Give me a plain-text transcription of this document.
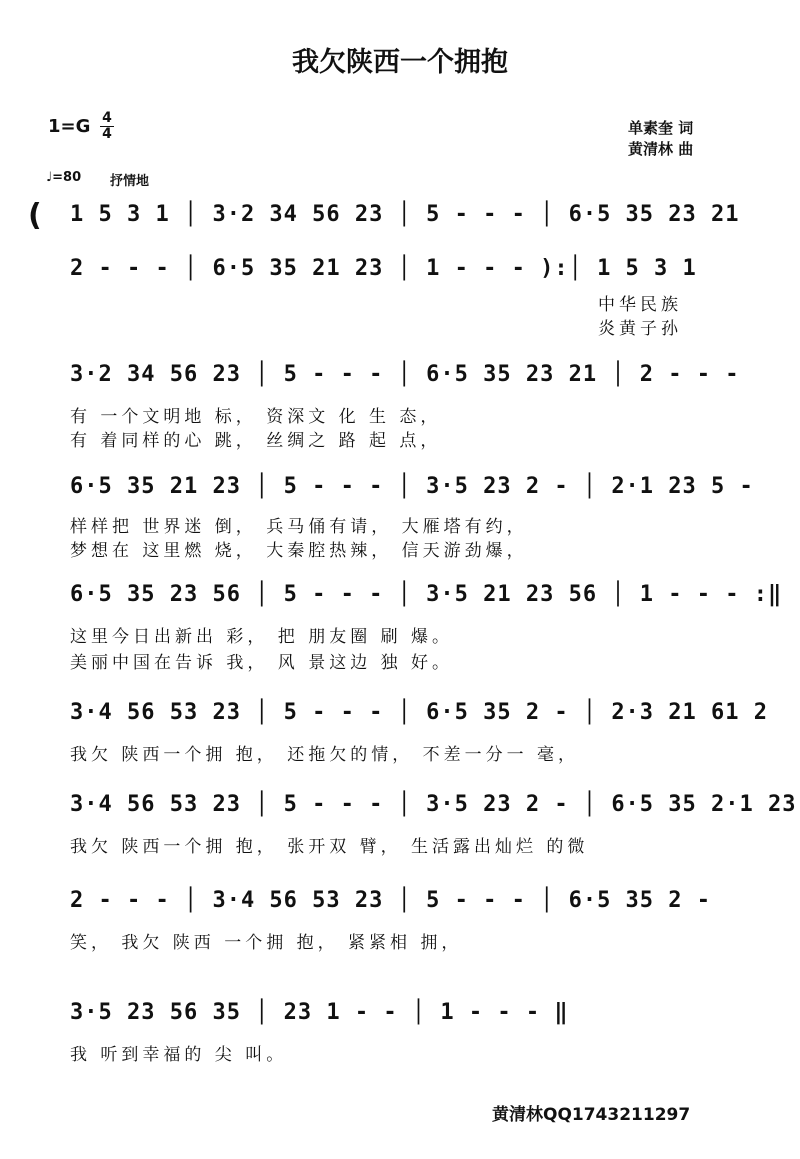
我欠陕西一个拥抱
1=G 4
4	单素奎 词
黄清林 曲
♩=80 抒情地
( 1 5 3 1 │ 3·2 34 56 23 │ 5 - - - │ 6·5 35 23 21
2 - - - │ 6·5 35 21 23 │ 1 - - - ):│ 1 5 3 1
中华民族
炎黄子孙
3·2 34 56 23 │ 5 - - - │ 6·5 35 23 21 │ 2 - - -
有 一个文明地 标， 资深文 化 生 态，
有 着同样的心 跳， 丝绸之 路 起 点，
6·5 35 21 23 │ 5 - - - │ 3·5 23 2 - │ 2·1 23 5 -
样样把 世界迷 倒， 兵马俑有请， 大雁塔有约，
梦想在 这里燃 烧， 大秦腔热辣， 信天游劲爆，
6·5 35 23 56 │ 5 - - - │ 3·5 21 23 56 │ 1 - - - :‖
这里今日出新出 彩， 把 朋友圈 刷 爆。
美丽中国在告诉 我， 风 景这边 独 好。
3·4 56 53 23 │ 5 - - - │ 6·5 35 2 - │ 2·3 21 61 2
我欠 陕西一个拥 抱， 还拖欠的情， 不差一分一 毫，
3·4 56 53 23 │ 5 - - - │ 3·5 23 2 - │ 6·5 35 2·1 23
我欠 陕西一个拥 抱， 张开双 臂， 生活露出灿烂 的微
2 - - - │ 3·4 56 53 23 │ 5 - - - │ 6·5 35 2 -
笑， 我欠 陕西 一个拥 抱， 紧紧相 拥，
3·5 23 56 35 │ 23 1 - - │ 1 - - - ‖
我 听到幸福的 尖 叫。
黄清林QQ1743211297
